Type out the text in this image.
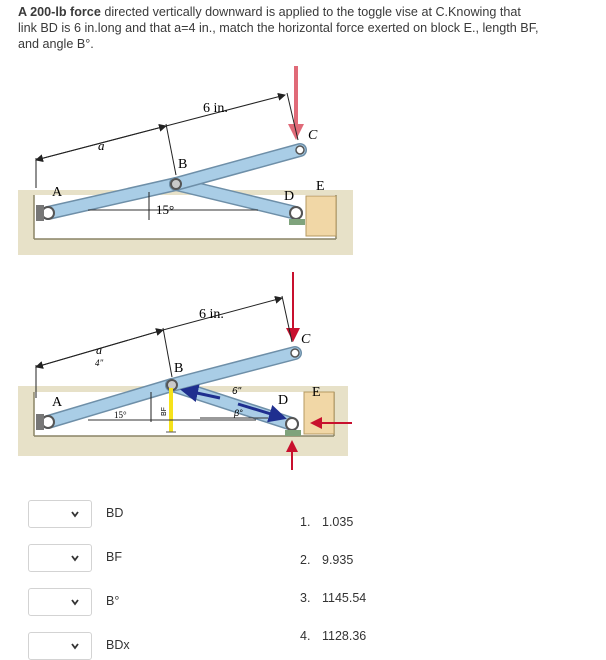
A 200-lb force directed vertically downward is applied to the toggle vise at C.Knowing that
link BD is 6 in.long and that a=4 in., match the horizontal force exerted on block E., length BF,
and angle B°.
a
6 in.
A
B
C
D
E
15°
a
4"
6 in.
A
B
C
D
E
15°	BF
6"
β°
BD
BF
B°
BDx
1. 1.035
2. 9.935
3. 1145.54
4. 1128.36
